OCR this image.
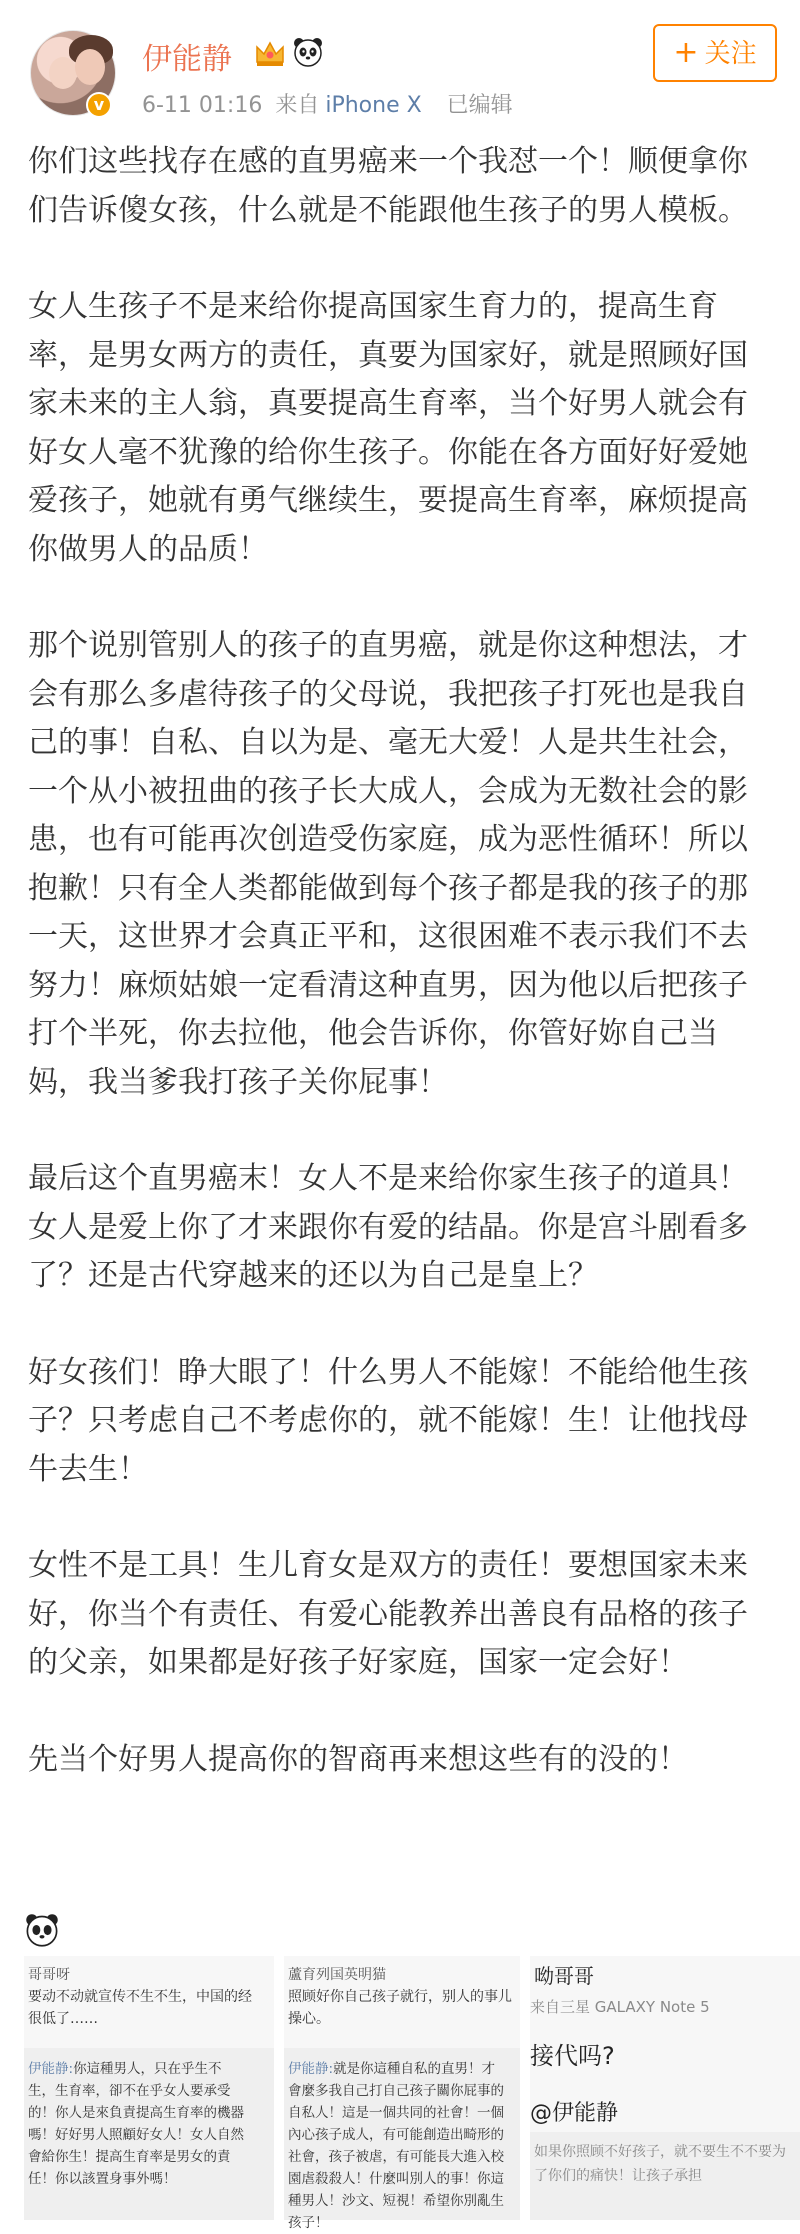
v
伊能静
6-11 01:16 来自 iPhone X 已编辑
+ 关注

你们这些找存在感的直男癌来一个我怼一个！顺便拿你们告诉傻女孩，什么就是不能跟他生孩子的男人模板。

女人生孩子不是来给你提高国家生育力的，提高生育率，是男女两方的责任，真要为国家好，就是照顾好国家未来的主人翁，真要提高生育率，当个好男人就会有好女人毫不犹豫的给你生孩子。你能在各方面好好爱她爱孩子，她就有勇气继续生，要提高生育率，麻烦提高你做男人的品质！

那个说别管别人的孩子的直男癌，就是你这种想法，才会有那么多虐待孩子的父母说，我把孩子打死也是我自己的事！自私、自以为是、毫无大爱！人是共生社会，一个从小被扭曲的孩子长大成人，会成为无数社会的影患，也有可能再次创造受伤家庭，成为恶性循环！所以抱歉！只有全人类都能做到每个孩子都是我的孩子的那一天，这世界才会真正平和，这很困难不表示我们不去努力！麻烦姑娘一定看清这种直男，因为他以后把孩子打个半死，你去拉他，他会告诉你，你管好妳自己当妈，我当爹我打孩子关你屁事！

最后这个直男癌末！女人不是来给你家生孩子的道具！女人是爱上你了才来跟你有爱的结晶。你是宫斗剧看多了？还是古代穿越来的还以为自己是皇上？

好女孩们！睁大眼了！什么男人不能嫁！不能给他生孩子？只考虑自己不考虑你的，就不能嫁！生！让他找母牛去生！

女性不是工具！生儿育女是双方的责任！要想国家未来好，你当个有责任、有爱心能教养出善良有品格的孩子的父亲，如果都是好孩子好家庭，国家一定会好！

先当个好男人提高你的智商再来想这些有的没的！

哥哥呀
要动不动就宣传不生不生，中国的经很低了……
伊能静:你這種男人，只在乎生不生，生育率，卻不在乎女人要承受的！你人是來負責提高生育率的機器嗎！好好男人照顧好女人！女人自然會給你生！提高生育率是男女的責任！你以該置身事外嗎！
蘆育列国英明猫
照顾好你自己孩子就行，别人的事儿操心。
伊能静:就是你這種自私的直男！才會麼多我自己打自己孩子關你屁事的自私人！這是一個共同的社會！一個內心孩子成人，有可能創造出畸形的社會，孩子被虐，有可能長大進入校園虐殺殺人！什麼叫別人的事！你這種男人！沙文、短視！希望你別亂生孩子！
呦哥哥
来自三星 GALAXY Note 5
接代吗?
@伊能静
如果你照顾不好孩子，就不要生不不要为了你们的痛快！让孩子承担
